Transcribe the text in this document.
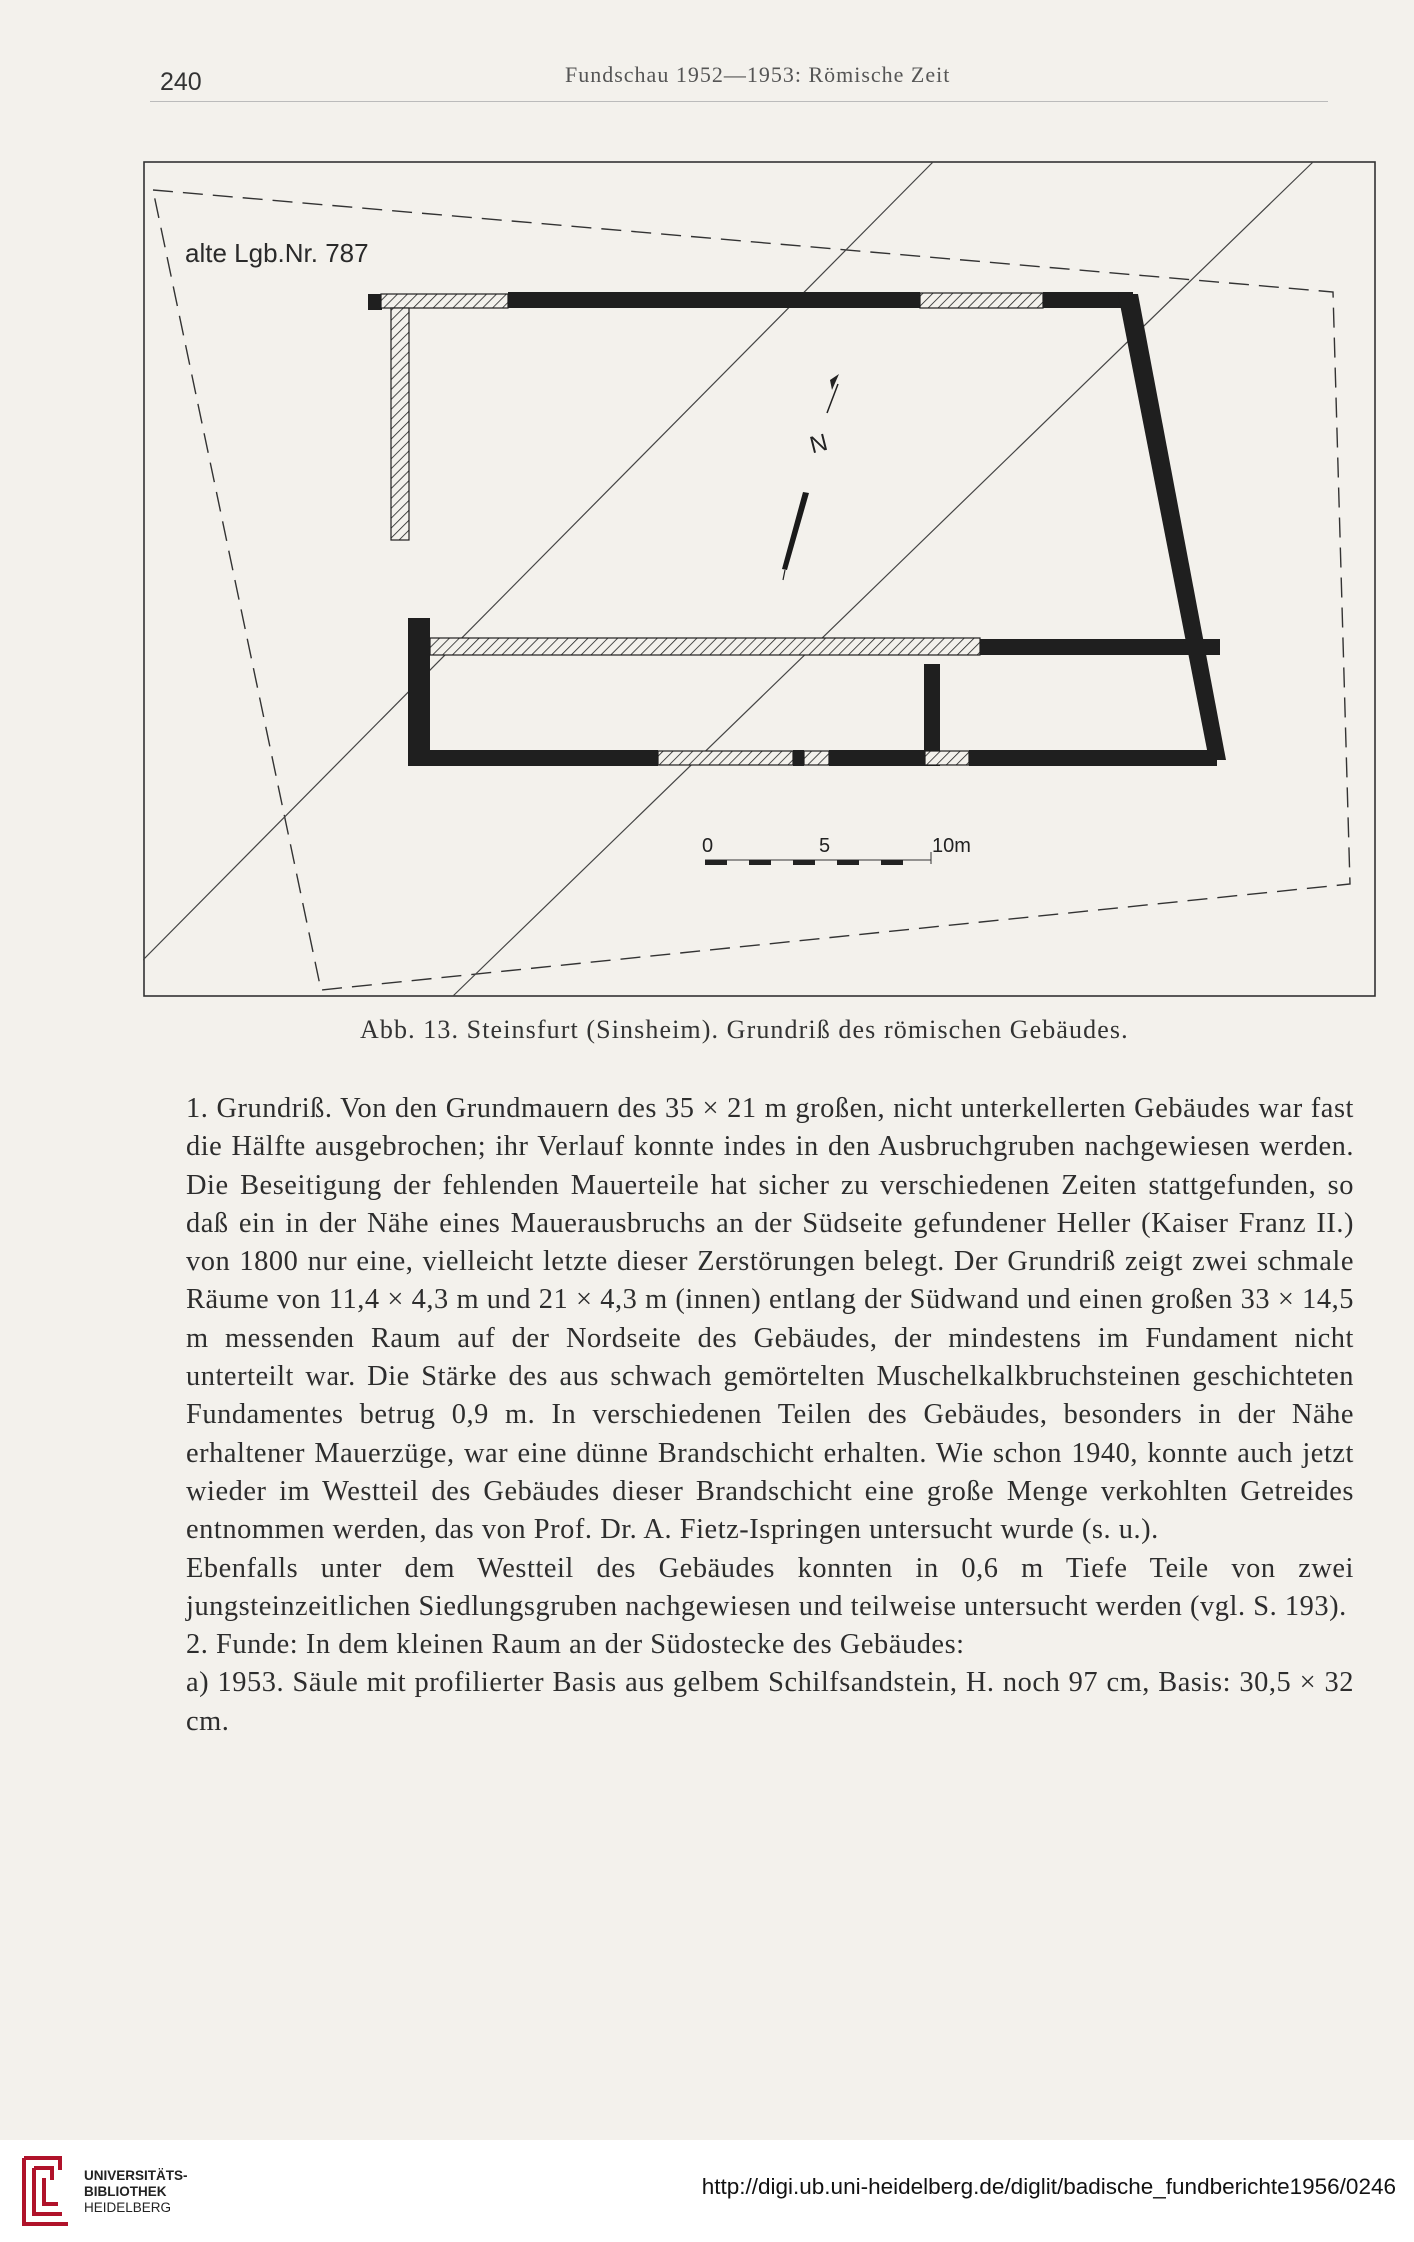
240	Fundschau 1952—1953: Römische Zeit
alte Lgb.Nr. 787
N
0	5	10m
Abb. 13. Steinsfurt (Sinsheim). Grundriß des römischen Gebäudes.

1. Grundriß. Von den Grundmauern des 35 × 21 m großen, nicht unterkellerten Gebäudes war fast die Hälfte ausgebrochen; ihr Verlauf konnte indes in den Ausbruchgruben nachgewiesen werden. Die Beseitigung der fehlenden Mauerteile hat sicher zu verschiedenen Zeiten stattgefunden, so daß ein in der Nähe eines Mauerausbruchs an der Südseite gefundener Heller (Kaiser Franz II.) von 1800 nur eine, vielleicht letzte dieser Zerstörungen belegt. Der Grundriß zeigt zwei schmale Räume von 11,4 × 4,3 m und 21 × 4,3 m (innen) entlang der Südwand und einen großen 33 × 14,5 m messenden Raum auf der Nordseite des Gebäudes, der mindestens im Fundament nicht unterteilt war. Die Stärke des aus schwach gemörtelten Muschelkalkbruchsteinen geschichteten Fundamentes betrug 0,9 m. In verschiedenen Teilen des Gebäudes, besonders in der Nähe erhaltener Mauerzüge, war eine dünne Brandschicht erhalten. Wie schon 1940, konnte auch jetzt wieder im Westteil des Gebäudes dieser Brandschicht eine große Menge verkohlten Getreides entnommen werden, das von Prof. Dr. A. Fietz-Ispringen untersucht wurde (s. u.).

Ebenfalls unter dem Westteil des Gebäudes konnten in 0,6 m Tiefe Teile von zwei jungsteinzeitlichen Siedlungsgruben nachgewiesen und teilweise untersucht werden (vgl. S. 193).

2. Funde: In dem kleinen Raum an der Südostecke des Gebäudes:

a) 1953. Säule mit profilierter Basis aus gelbem Schilfsandstein, H. noch 97 cm, Basis: 30,5 × 32 cm.

UNIVERSITÄTS-
BIBLIOTHEK
HEIDELBERG
http://digi.ub.uni-heidelberg.de/diglit/badische_fundberichte1956/0246
